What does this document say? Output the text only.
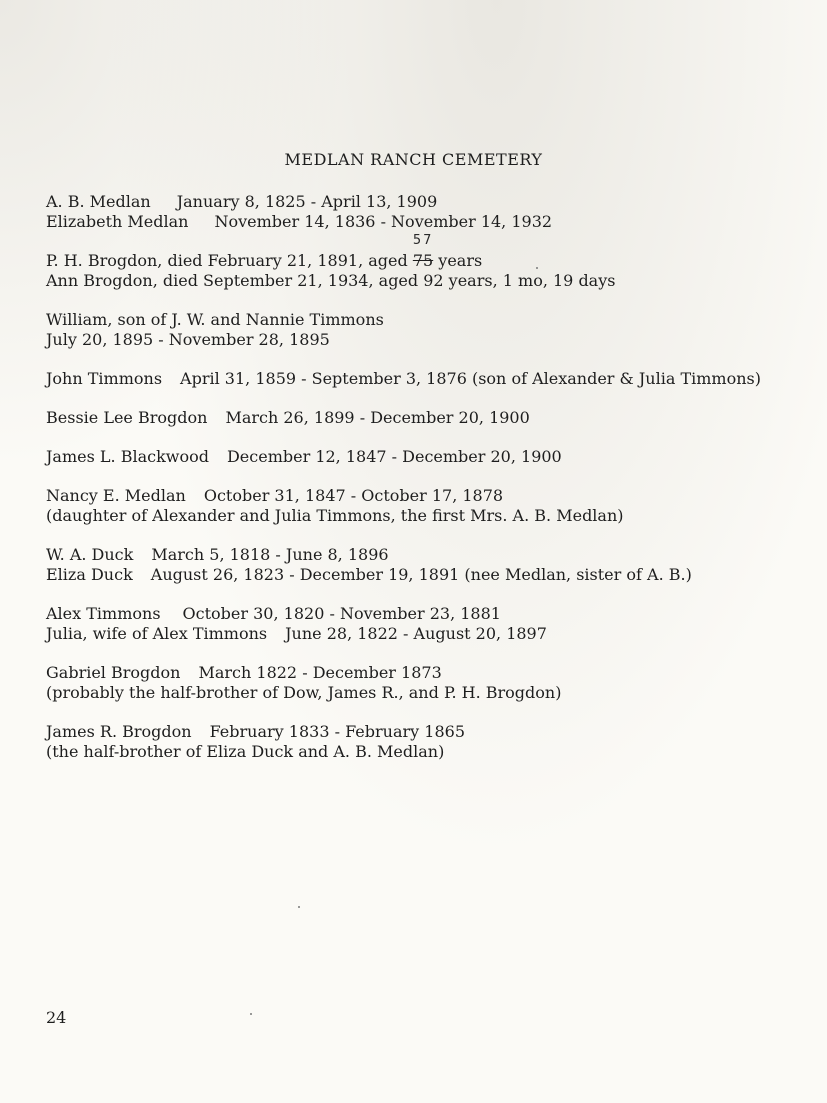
MEDLAN RANCH CEMETERY
A. B. Medlan January 8, 1825 - April 13, 1909
Elizabeth Medlan November 14, 1836 - November 14, 1932
P. H. Brogdon, died February 21, 1891, aged
57
75 years
Ann Brogdon, died September 21, 1934, aged 92 years, 1 mo, 19 days
William, son of J. W. and Nannie Timmons
July 20, 1895 - November 28, 1895
John Timmons April 31, 1859 - September 3, 1876 (son of Alexander & Julia Timmons)
Bessie Lee Brogdon March 26, 1899 - December 20, 1900
James L. Blackwood December 12, 1847 - December 20, 1900
Nancy E. Medlan October 31, 1847 - October 17, 1878
(daughter of Alexander and Julia Timmons, the first Mrs. A. B. Medlan)
W. A. Duck March 5, 1818 - June 8, 1896
Eliza Duck August 26, 1823 - December 19, 1891 (nee Medlan, sister of A. B.)
Alex Timmons October 30, 1820 - November 23, 1881
Julia, wife of Alex Timmons June 28, 1822 - August 20, 1897
Gabriel Brogdon March 1822 - December 1873
(probably the half-brother of Dow, James R., and P. H. Brogdon)
James R. Brogdon February 1833 - February 1865
(the half-brother of Eliza Duck and A. B. Medlan)
24
